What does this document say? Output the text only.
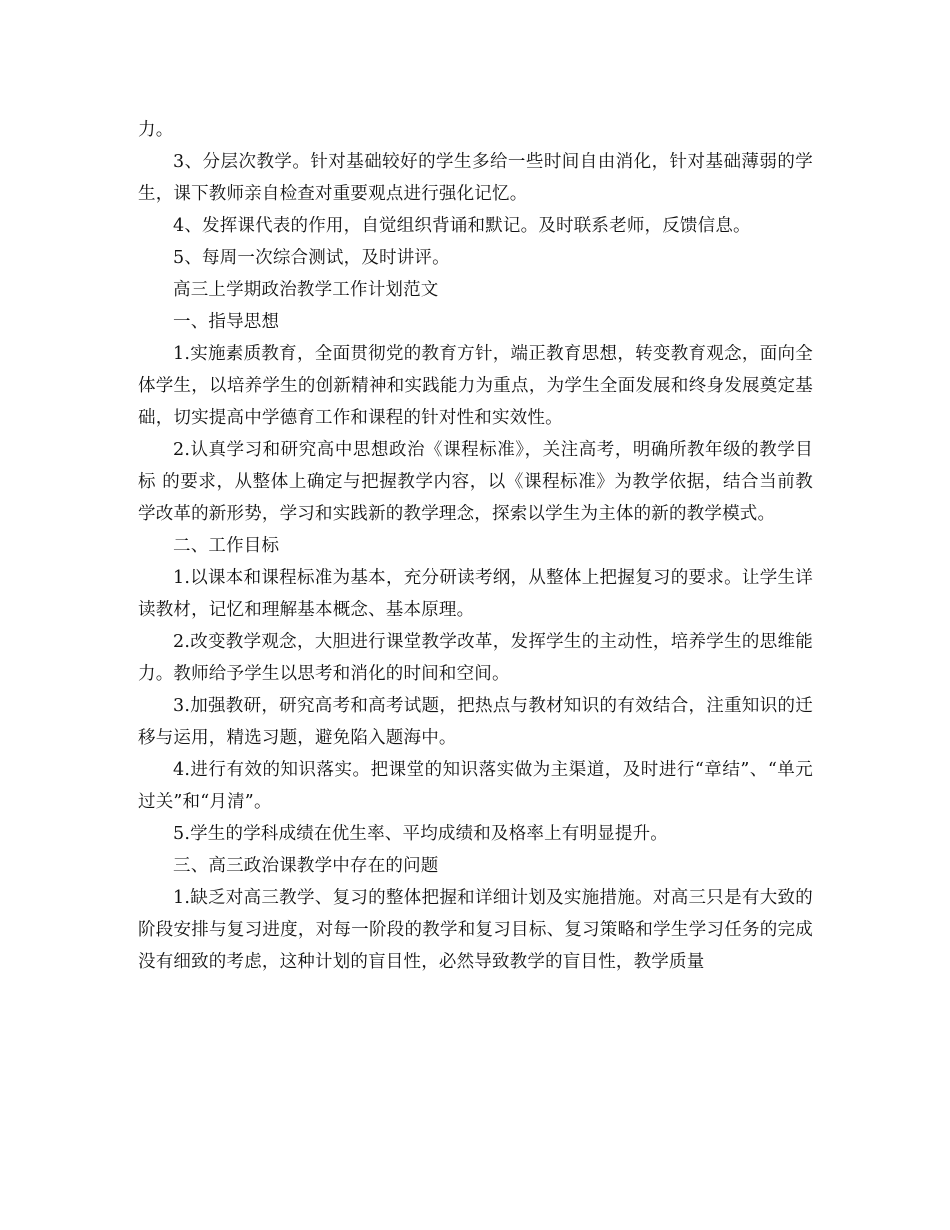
力。

3、分层次教学。针对基础较好的学生多给一些时间自由消化，针对基础薄弱的学生，课下教师亲自检查对重要观点进行强化记忆。

4、发挥课代表的作用，自觉组织背诵和默记。及时联系老师，反馈信息。

5、每周一次综合测试，及时讲评。

高三上学期政治教学工作计划范文

一、指导思想

1.实施素质教育，全面贯彻党的教育方针，端正教育思想，转变教育观念，面向全体学生，以培养学生的创新精神和实践能力为重点，为学生全面发展和终身发展奠定基础，切实提高中学德育工作和课程的针对性和实效性。

2.认真学习和研究高中思想政治《课程标准》，关注高考，明确所教年级的教学目标 的要求，从整体上确定与把握教学内容，以《课程标准》为教学依据，结合当前教学改革的新形势，学习和实践新的教学理念，探索以学生为主体的新的教学模式。

二、工作目标

1.以课本和课程标准为基本，充分研读考纲，从整体上把握复习的要求。让学生详读教材，记忆和理解基本概念、基本原理。

2.改变教学观念，大胆进行课堂教学改革，发挥学生的主动性，培养学生的思维能力。教师给予学生以思考和消化的时间和空间。

3.加强教研，研究高考和高考试题，把热点与教材知识的有效结合，注重知识的迁移与运用，精选习题，避免陷入题海中。

4.进行有效的知识落实。把课堂的知识落实做为主渠道，及时进行“章结”、“单元过关”和“月清”。

5.学生的学科成绩在优生率、平均成绩和及格率上有明显提升。

三、高三政治课教学中存在的问题

1.缺乏对高三教学、复习的整体把握和详细计划及实施措施。对高三只是有大致的阶段安排与复习进度，对每一阶段的教学和复习目标、复习策略和学生学习任务的完成没有细致的考虑，这种计划的盲目性，必然导致教学的盲目性，教学质量
